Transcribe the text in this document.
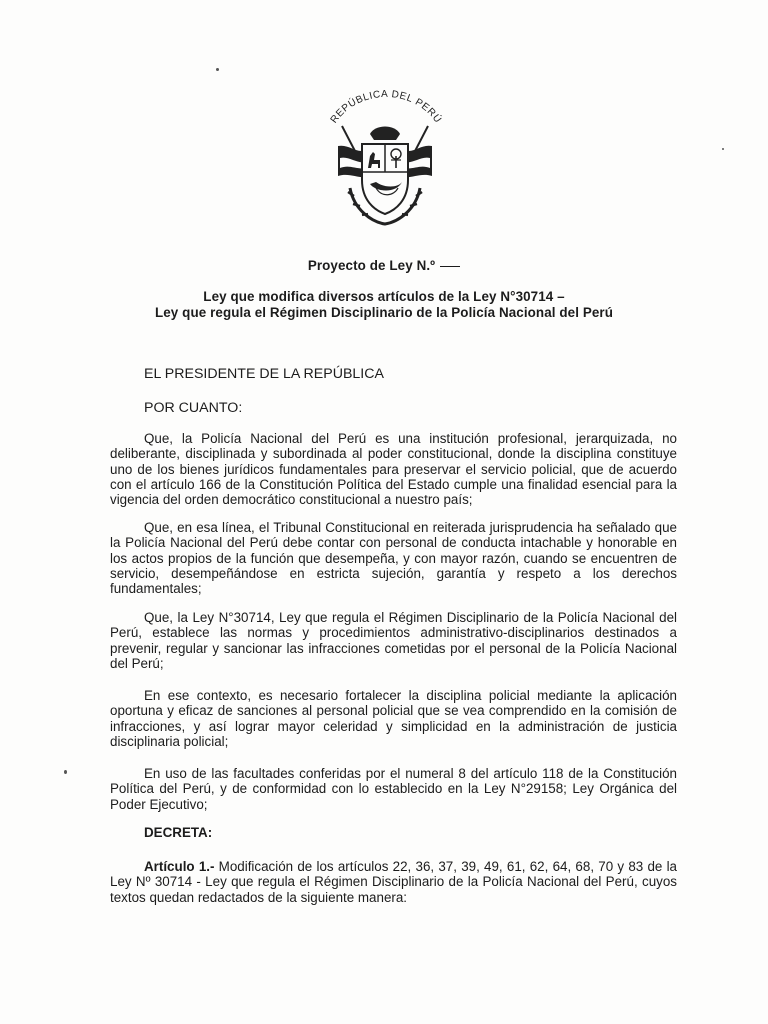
REPÚBLICA DEL PERÚ
Proyecto de Ley N.º
Ley que modifica diversos artículos de la Ley N°30714 –
Ley que regula el Régimen Disciplinario de la Policía Nacional del Perú
EL PRESIDENTE DE LA REPÚBLICA
POR CUANTO:

Que, la Policía Nacional del Perú es una institución profesional, jerarquizada, no deliberante, disciplinada y subordinada al poder constitucional, donde la disciplina constituye uno de los bienes jurídicos fundamentales para preservar el servicio policial, que de acuerdo con el artículo 166 de la Constitución Política del Estado cumple una finalidad esencial para la vigencia del orden democrático constitucional a nuestro país;

Que, en esa línea, el Tribunal Constitucional en reiterada jurisprudencia ha señalado que la Policía Nacional del Perú debe contar con personal de conducta intachable y honorable en los actos propios de la función que desempeña, y con mayor razón, cuando se encuentren de servicio, desempeñándose en estricta sujeción, garantía y respeto a los derechos fundamentales;

Que, la Ley N°30714, Ley que regula el Régimen Disciplinario de la Policía Nacional del Perú, establece las normas y procedimientos administrativo-disciplinarios destinados a prevenir, regular y sancionar las infracciones cometidas por el personal de la Policía Nacional del Perú;

En ese contexto, es necesario fortalecer la disciplina policial mediante la aplicación oportuna y eficaz de sanciones al personal policial que se vea comprendido en la comisión de infracciones, y así lograr mayor celeridad y simplicidad en la administración de justicia disciplinaria policial;

En uso de las facultades conferidas por el numeral 8 del artículo 118 de la Constitución Política del Perú, y de conformidad con lo establecido en la Ley N°29158; Ley Orgánica del Poder Ejecutivo;

DECRETA:

Artículo 1.- Modificación de los artículos 22, 36, 37, 39, 49, 61, 62, 64, 68, 70 y 83 de la Ley Nº 30714 - Ley que regula el Régimen Disciplinario de la Policía Nacional del Perú, cuyos textos quedan redactados de la siguiente manera:
